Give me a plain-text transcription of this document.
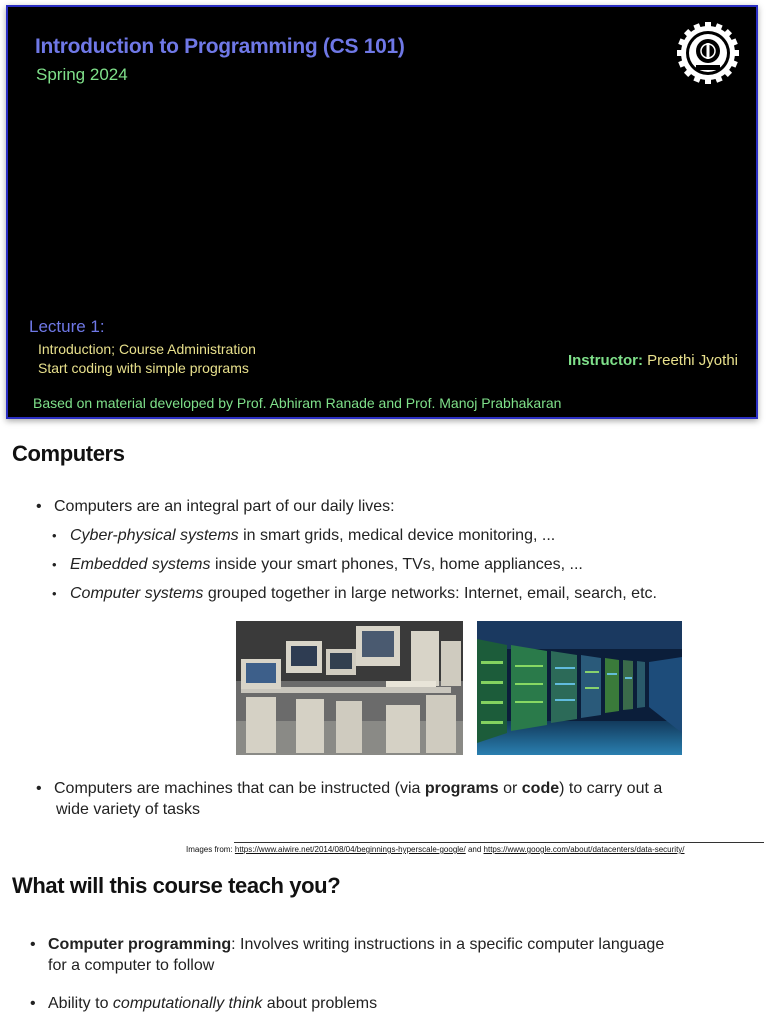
Introduction to Programming (CS 101)
Spring 2024
Lecture 1:
Introduction; Course Administration
Start coding with simple programs	Instructor: Preethi Jyothi
Based on material developed by Prof. Abhiram Ranade and Prof. Manoj Prabhakaran
Computers
• Computers are an integral part of our daily lives:
• Cyber-physical systems in smart grids, medical device monitoring, ...
• Embedded systems inside your smart phones, TVs, home appliances, ...
• Computer systems grouped together in large networks: Internet, email, search, etc.
• Computers are machines that can be instructed (via programs or code) to carry out a
wide variety of tasks
Images from: https://www.aiwire.net/2014/08/04/beginnings-hyperscale-google/ and https://www.google.com/about/datacenters/data-security/
What will this course teach you?
• Computer programming: Involves writing instructions in a specific computer language
for a computer to follow
• Ability to computationally think about problems
